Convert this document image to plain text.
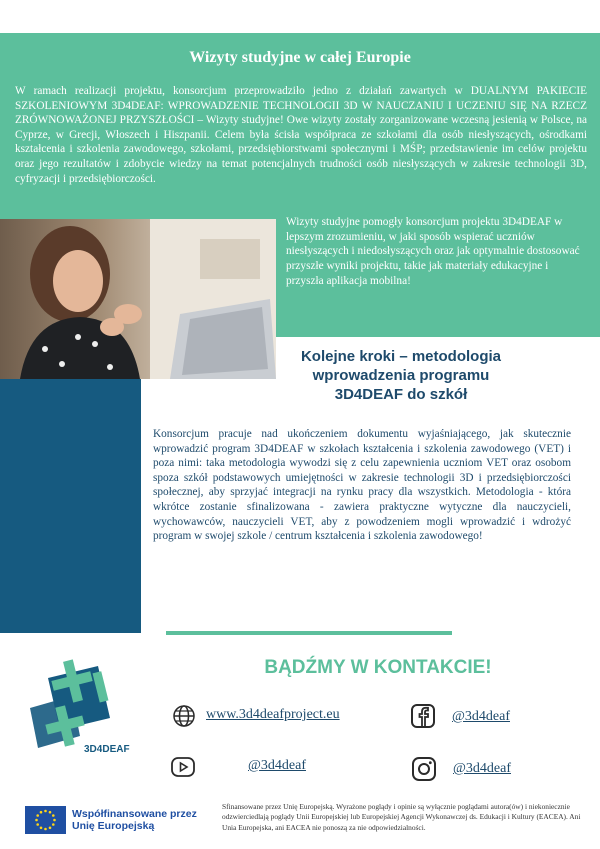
Wizyty studyjne w całej Europie

W ramach realizacji projektu, konsorcjum przeprowadziło jedno z działań zawartych w DUALNYM PAKIECIE SZKOLENIOWYM 3D4DEAF: WPROWADZENIE TECHNOLOGII 3D W NAUCZANIU I UCZENIU SIĘ NA RZECZ ZRÓWNOWAŻONEJ PRZYSZŁOŚCI – Wizyty studyjne! Owe wizyty zostały zorganizowane wczesną jesienią w Polsce, na Cyprze, w Grecji, Włoszech i Hiszpanii. Celem była ścisła współpraca ze szkołami dla osób niesłyszących, ośrodkami kształcenia i szkolenia zawodowego, szkołami, przedsiębiorstwami społecznymi i MŚP; przedstawienie im celów projektu oraz jego rezultatów i zdobycie wiedzy na temat potencjalnych trudności osób niesłyszących w zakresie technologii 3D, cyfryzacji i przedsiębiorczości.

Wizyty studyjne pomogły konsorcjum projektu 3D4DEAF w lepszym zrozumieniu, w jaki sposób wspierać uczniów niesłyszących i niedosłyszących oraz jak optymalnie dostosować przyszłe wyniki projektu, takie jak materiały edukacyjne i przyszła aplikacja mobilna!

Kolejne kroki – metodologia wprowadzenia programu 3D4DEAF do szkół

Konsorcjum pracuje nad ukończeniem dokumentu wyjaśniającego, jak skutecznie wprowadzić program 3D4DEAF w szkołach kształcenia i szkolenia zawodowego (VET) i poza nimi: taka metodologia wywodzi się z celu zapewnienia uczniom VET oraz osobom spoza szkół podstawowych umiejętności w zakresie technologii 3D i przedsiębiorczości społecznej, aby sprzyjać integracji na rynku pracy dla wszystkich. Metodologia - która wkrótce zostanie sfinalizowana - zawiera praktyczne wytyczne dla nauczycieli, wychowawców, nauczycieli VET, aby z powodzeniem mogli wprowadzić i wdrożyć program w swojej szkole / centrum kształcenia i szkolenia zawodowego!

BĄDŹMY W KONTAKCIE!
3D4DEAF
www.3d4deafproject.eu	@3d4deaf
@3d4deaf	@3d4deaf
Współfinansowane przez
Unię Europejską

Sfinansowane przez Unię Europejską. Wyrażone poglądy i opinie są wyłącznie poglądami autora(ów) i niekoniecznie odzwierciedlają poglądy Unii Europejskiej lub Europejskiej Agencji Wykonawczej ds. Edukacji i Kultury (EACEA). Ani Unia Europejska, ani EACEA nie ponoszą za nie odpowiedzialności.
